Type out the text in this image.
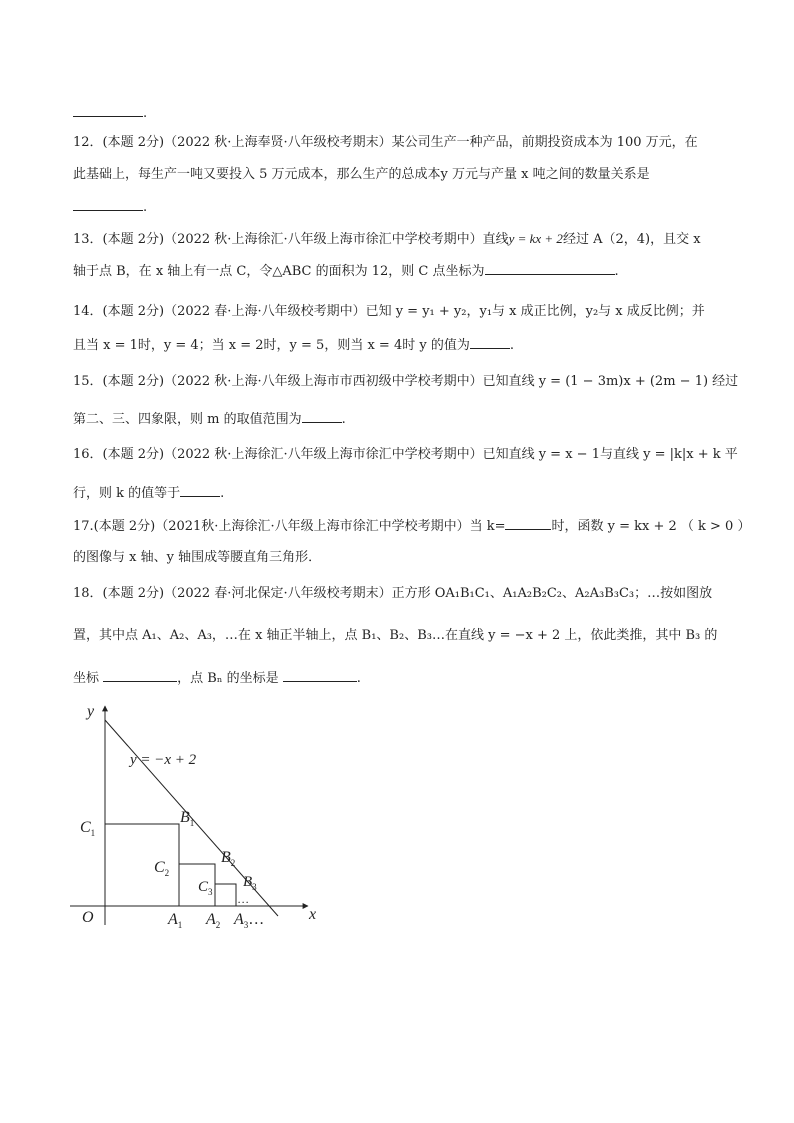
.
12．(本题 2分)（2022 秋·上海奉贤·八年级校考期末）某公司生产一种产品，前期投资成本为 100 万元，在
此基础上，每生产一吨又要投入 5 万元成本，那么生产的总成本y 万元与产量 x 吨之间的数量关系是
.
13．(本题 2分)（2022 秋·上海徐汇·八年级上海市徐汇中学校考期中）直线y = kx + 2经过 A（2，4)，且交 x
轴于点 B，在 x 轴上有一点 C，令△ABC 的面积为 12，则 C 点坐标为	.
14．(本题 2分)（2022 春·上海·八年级校考期中）已知 y = y₁ + y₂，y₁与 x 成正比例，y₂与 x 成反比例；并
且当 x = 1时，y = 4；当 x = 2时，y = 5，则当 x = 4时 y 的值为	.
15．(本题 2分)（2022 秋·上海·八年级上海市市西初级中学校考期中）已知直线 y = (1 − 3m)x + (2m − 1) 经过
第二、三、四象限，则 m 的取值范围为	.
16．(本题 2分)（2022 秋·上海徐汇·八年级上海市徐汇中学校考期中）已知直线 y = x − 1与直线 y = |k|x + k 平
行，则 k 的值等于	.
17.(本题 2分)（2021秋·上海徐汇·八年级上海市徐汇中学校考期中）当 k=	时，函数 y = kx + 2 （ k > 0 ）
的图像与 x 轴、y 轴围成等腰直角三角形．
18．(本题 2分)（2022 春·河北保定·八年级校考期末）正方形 OA₁B₁C₁、A₁A₂B₂C₂、A₂A₃B₃C₃；…按如图放
置，其中点 A₁、A₂、A₃，…在 x 轴正半轴上，点 B₁、B₂、B₃…在直线 y = −x + 2 上，依此类推，其中 B₃ 的
坐标	，点 Bₙ 的坐标是	.
y = −x + 2
y
x
O
$C_1$
$C_2$
$C_3$
$B_1$
$B_2$
$B_3$
…
$A_1$ $A_2$ $A_3\dots$
